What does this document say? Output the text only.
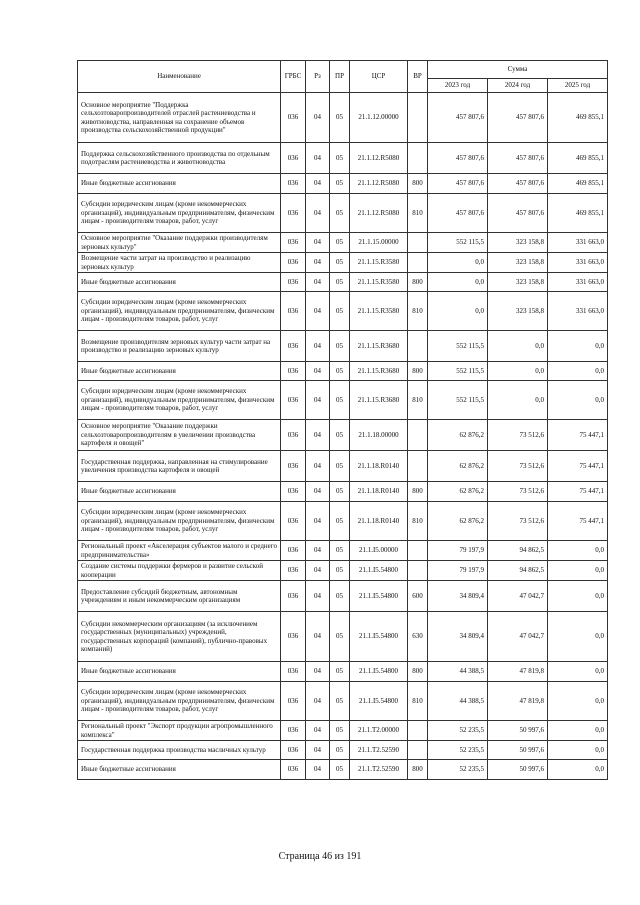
Наименование	ГРБС	Рз	ПР	ЦСР	ВР	Сумма		
						2023 год	2024 год	2025 год
Основное мероприятие "Поддержка сельхозтоваропроизводителей отраслей растениеводства и животноводства, направленная на сохранение объемов производства сельскохозяйственной продукции"	036	04	05	21.1.12.00000		457 807,6	457 807,6	469 855,1
Поддержка сельскохозяйственного производства по отдельным подотраслям растениеводства и животноводства	036	04	05	21.1.12.R5080		457 807,6	457 807,6	469 855,1
Иные бюджетные ассигнования	036	04	05	21.1.12.R5080	800	457 807,6	457 807,6	469 855,1
Субсидии юридическим лицам (кроме некоммерческих организаций), индивидуальным предпринимателям, физическим лицам - производителям товаров, работ, услуг	036	04	05	21.1.12.R5080	810	457 807,6	457 807,6	469 855,1
Основное мероприятие "Оказание поддержки производителям зерновых культур"	036	04	05	21.1.15.00000		552 115,5	323 158,8	331 663,0
Возмещение части затрат на производство и реализацию зерновых культур	036	04	05	21.1.15.R3580		0,0	323 158,8	331 663,0
Иные бюджетные ассигнования	036	04	05	21.1.15.R3580	800	0,0	323 158,8	331 663,0
Субсидии юридическим лицам (кроме некоммерческих организаций), индивидуальным предпринимателям, физическим лицам - производителям товаров, работ, услуг	036	04	05	21.1.15.R3580	810	0,0	323 158,8	331 663,0
Возмещение производителям зерновых культур части затрат на производство и реализацию зерновых культур	036	04	05	21.1.15.R3680		552 115,5	0,0	0,0
Иные бюджетные ассигнования	036	04	05	21.1.15.R3680	800	552 115,5	0,0	0,0
Субсидии юридическим лицам (кроме некоммерческих организаций), индивидуальным предпринимателям, физическим лицам - производителям товаров, работ, услуг	036	04	05	21.1.15.R3680	810	552 115,5	0,0	0,0
Основное мероприятие "Оказание поддержки сельхозтоваропроизводителям в увеличении производства картофеля и овощей"	036	04	05	21.1.18.00000		62 876,2	73 512,6	75 447,1
Государственная поддержка, направленная на стимулирование увеличения производства картофеля и овощей	036	04	05	21.1.18.R0140		62 876,2	73 512,6	75 447,1
Иные бюджетные ассигнования	036	04	05	21.1.18.R0140	800	62 876,2	73 512,6	75 447,1
Субсидии юридическим лицам (кроме некоммерческих организаций), индивидуальным предпринимателям, физическим лицам - производителям товаров, работ, услуг	036	04	05	21.1.18.R0140	810	62 876,2	73 512,6	75 447,1
Региональный проект «Акселерация субъектов малого и среднего предпринимательства»	036	04	05	21.1.I5.00000		79 197,9	94 862,5	0,0
Создание системы поддержки фермеров и развитие сельской кооперации	036	04	05	21.1.I5.54800		79 197,9	94 862,5	0,0
Предоставление субсидий бюджетным, автономным учреждениям и иным некоммерческим организациям	036	04	05	21.1.I5.54800	600	34 809,4	47 042,7	0,0
Субсидии некоммерческим организациям (за исключением государственных (муниципальных) учреждений, государственных корпораций (компаний), публично-правовых компаний)	036	04	05	21.1.I5.54800	630	34 809,4	47 042,7	0,0
Иные бюджетные ассигнования	036	04	05	21.1.I5.54800	800	44 388,5	47 819,8	0,0
Субсидии юридическим лицам (кроме некоммерческих организаций), индивидуальным предпринимателям, физическим лицам - производителям товаров, работ, услуг	036	04	05	21.1.I5.54800	810	44 388,5	47 819,8	0,0
Региональный проект "Экспорт продукции агропромышленного комплекса"	036	04	05	21.1.T2.00000		52 235,5	50 997,6	0,0
Государственная поддержка производства масличных культур	036	04	05	21.1.T2.52590		52 235,5	50 997,6	0,0
Иные бюджетные ассигнования	036	04	05	21.1.T2.52590	800	52 235,5	50 997,6	0,0
Страница 46 из 191
